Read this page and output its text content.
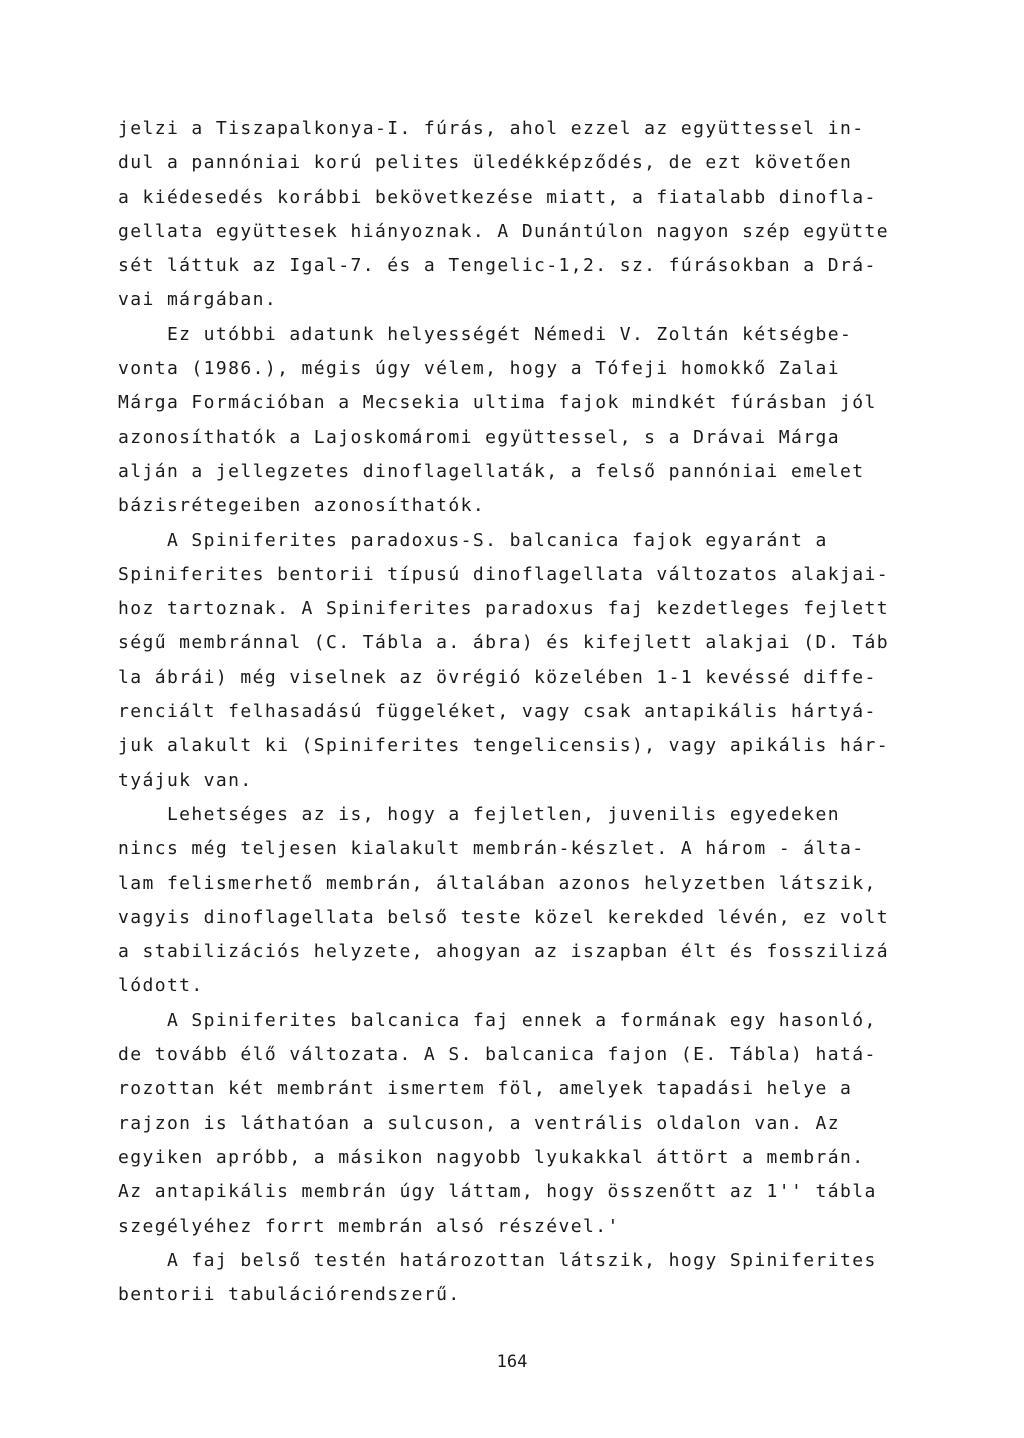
jelzi a Tiszapalkonya-I. fúrás, ahol ezzel az együttessel in-
dul a pannóniai korú pelites üledékképződés, de ezt követően
a kiédesedés korábbi bekövetkezése miatt, a fiatalabb dinofla-
gellata együttesek hiányoznak. A Dunántúlon nagyon szép együtte
sét láttuk az Igal-7. és a Tengelic-1,2. sz. fúrásokban a Drá-
vai márgában.
Ez utóbbi adatunk helyességét Némedi V. Zoltán kétségbe-
vonta (1986.), mégis úgy vélem, hogy a Tófeji homokkő Zalai
Márga Formációban a Mecsekia ultima fajok mindkét fúrásban jól
azonosíthatók a Lajoskomáromi együttessel, s a Drávai Márga
alján a jellegzetes dinoflagellaták, a felső pannóniai emelet
bázisrétegeiben azonosíthatók.
A Spiniferites paradoxus-S. balcanica fajok egyaránt a
Spiniferites bentorii típusú dinoflagellata változatos alakjai-
hoz tartoznak. A Spiniferites paradoxus faj kezdetleges fejlett
ségű membránnal (C. Tábla a. ábra) és kifejlett alakjai (D. Táb
la ábrái) még viselnek az övrégió közelében 1-1 kevéssé diffe-
renciált felhasadású függeléket, vagy csak antapikális hártyá-
juk alakult ki (Spiniferites tengelicensis), vagy apikális hár-
tyájuk van.
Lehetséges az is, hogy a fejletlen, juvenilis egyedeken
nincs még teljesen kialakult membrán-készlet. A három - álta-
lam felismerhető membrán, általában azonos helyzetben látszik,
vagyis dinoflagellata belső teste közel kerekded lévén, ez volt
a stabilizációs helyzete, ahogyan az iszapban élt és fosszilizá
lódott.
A Spiniferites balcanica faj ennek a formának egy hasonló,
de tovább élő változata. A S. balcanica fajon (E. Tábla) hatá-
rozottan két membránt ismertem föl, amelyek tapadási helye a
rajzon is láthatóan a sulcuson, a ventrális oldalon van. Az
egyiken apróbb, a másikon nagyobb lyukakkal áttört a membrán.
Az antapikális membrán úgy láttam, hogy összenőtt az 1'' tábla
szegélyéhez forrt membrán alsó részével.'
A faj belső testén határozottan látszik, hogy Spiniferites
bentorii tabulációrendszerű.
164
